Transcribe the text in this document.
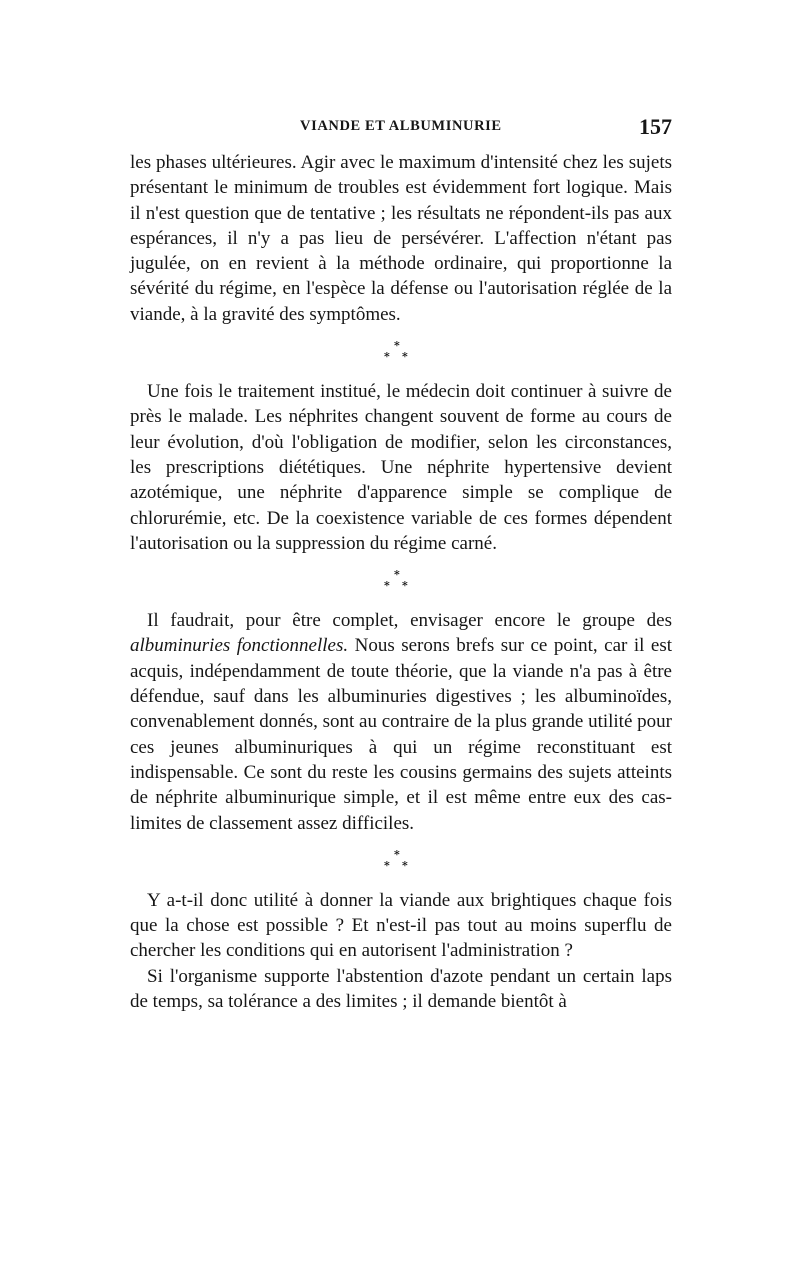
VIANDE ET ALBUMINURIE	157

les phases ultérieures. Agir avec le maximum d'intensité chez les sujets présentant le minimum de troubles est évidemment fort logique. Mais il n'est question que de tentative ; les résultats ne répondent-ils pas aux espérances, il n'y a pas lieu de persévérer. L'affection n'étant pas jugulée, on en revient à la méthode ordinaire, qui proportionne la sévérité du régime, en l'espèce la défense ou l'autorisation réglée de la viande, à la gravité des symptômes.

*
* *

Une fois le traitement institué, le médecin doit continuer à suivre de près le malade. Les néphrites changent souvent de forme au cours de leur évolution, d'où l'obligation de modifier, selon les circonstances, les prescriptions diététiques. Une néphrite hypertensive devient azotémique, une néphrite d'apparence simple se complique de chlorurémie, etc. De la coexistence variable de ces formes dépendent l'autorisation ou la suppression du régime carné.

*
* *

Il faudrait, pour être complet, envisager encore le groupe des albuminuries fonctionnelles. Nous serons brefs sur ce point, car il est acquis, indépendamment de toute théorie, que la viande n'a pas à être défendue, sauf dans les albuminuries digestives ; les albuminoïdes, convenablement donnés, sont au contraire de la plus grande utilité pour ces jeunes albuminuriques à qui un régime reconstituant est indispensable. Ce sont du reste les cousins germains des sujets atteints de néphrite albuminurique simple, et il est même entre eux des cas-limites de classement assez difficiles.

*
* *

Y a-t-il donc utilité à donner la viande aux brightiques chaque fois que la chose est possible ? Et n'est-il pas tout au moins superflu de chercher les conditions qui en autorisent l'administration ?

Si l'organisme supporte l'abstention d'azote pendant un certain laps de temps, sa tolérance a des limites ; il demande bientôt à
